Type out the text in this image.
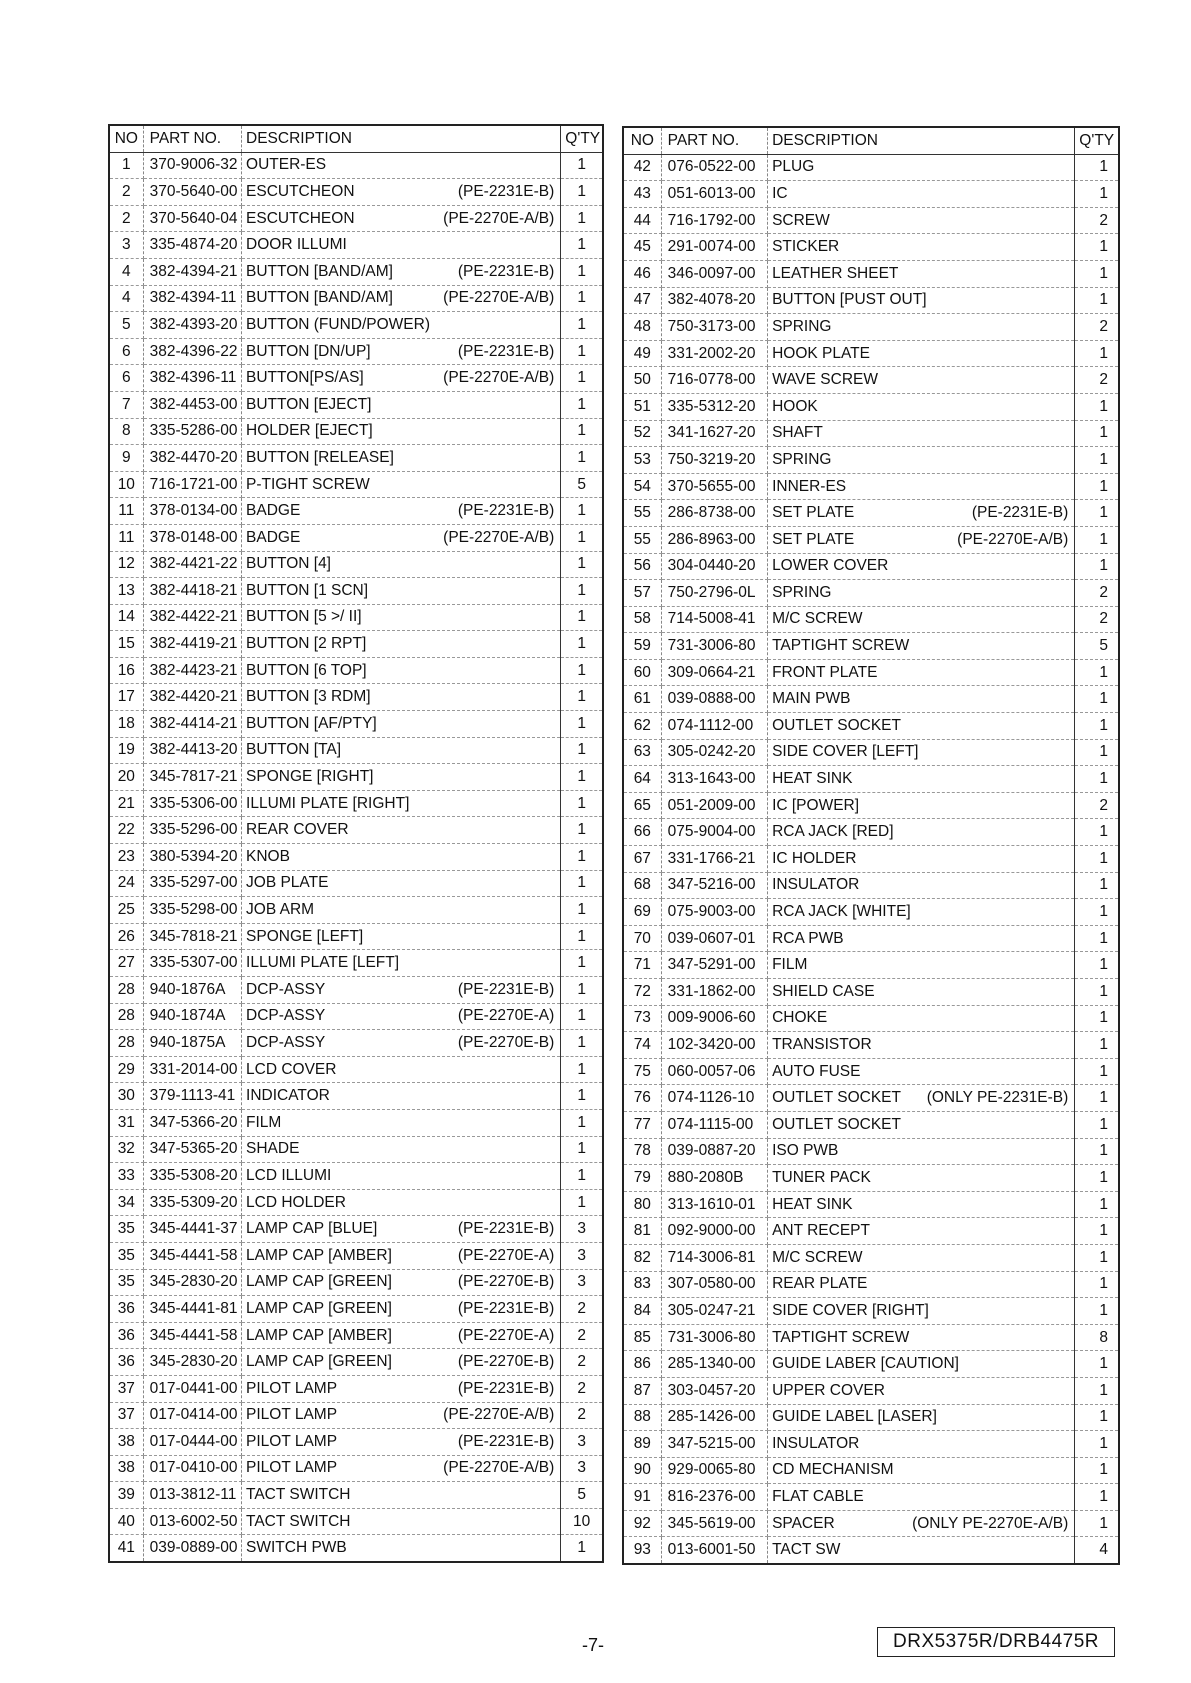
NO	PART NO.	DESCRIPTION	Q'TY
1	370-9006-32	OUTER-ES	1
2	370-5640-00	ESCUTCHEON (PE-2231E-B)	1
2	370-5640-04	ESCUTCHEON (PE-2270E-A/B)	1
3	335-4874-20	DOOR ILLUMI	1
4	382-4394-21	BUTTON [BAND/AM] (PE-2231E-B)	1
4	382-4394-11	BUTTON [BAND/AM] (PE-2270E-A/B)	1
5	382-4393-20	BUTTON (FUND/POWER)	1
6	382-4396-22	BUTTON [DN/UP] (PE-2231E-B)	1
6	382-4396-11	BUTTON[PS/AS] (PE-2270E-A/B)	1
7	382-4453-00	BUTTON [EJECT]	1
8	335-5286-00	HOLDER [EJECT]	1
9	382-4470-20	BUTTON [RELEASE]	1
10	716-1721-00	P-TIGHT SCREW	5
11	378-0134-00	BADGE (PE-2231E-B)	1
11	378-0148-00	BADGE (PE-2270E-A/B)	1
12	382-4421-22	BUTTON [4]	1
13	382-4418-21	BUTTON [1 SCN]	1
14	382-4422-21	BUTTON [5 >/ II]	1
15	382-4419-21	BUTTON [2 RPT]	1
16	382-4423-21	BUTTON [6 TOP]	1
17	382-4420-21	BUTTON [3 RDM]	1
18	382-4414-21	BUTTON [AF/PTY]	1
19	382-4413-20	BUTTON [TA]	1
20	345-7817-21	SPONGE [RIGHT]	1
21	335-5306-00	ILLUMI PLATE [RIGHT]	1
22	335-5296-00	REAR COVER	1
23	380-5394-20	KNOB	1
24	335-5297-00	JOB PLATE	1
25	335-5298-00	JOB ARM	1
26	345-7818-21	SPONGE [LEFT]	1
27	335-5307-00	ILLUMI PLATE [LEFT]	1
28	940-1876A	DCP-ASSY (PE-2231E-B)	1
28	940-1874A	DCP-ASSY (PE-2270E-A)	1
28	940-1875A	DCP-ASSY (PE-2270E-B)	1
29	331-2014-00	LCD COVER	1
30	379-1113-41	INDICATOR	1
31	347-5366-20	FILM	1
32	347-5365-20	SHADE	1
33	335-5308-20	LCD ILLUMI	1
34	335-5309-20	LCD HOLDER	1
35	345-4441-37	LAMP CAP [BLUE] (PE-2231E-B)	3
35	345-4441-58	LAMP CAP [AMBER] (PE-2270E-A)	3
35	345-2830-20	LAMP CAP [GREEN] (PE-2270E-B)	3
36	345-4441-81	LAMP CAP [GREEN] (PE-2231E-B)	2
36	345-4441-58	LAMP CAP [AMBER] (PE-2270E-A)	2
36	345-2830-20	LAMP CAP [GREEN] (PE-2270E-B)	2
37	017-0441-00	PILOT LAMP (PE-2231E-B)	2
37	017-0414-00	PILOT LAMP (PE-2270E-A/B)	2
38	017-0444-00	PILOT LAMP (PE-2231E-B)	3
38	017-0410-00	PILOT LAMP (PE-2270E-A/B)	3
39	013-3812-11	TACT SWITCH	5
40	013-6002-50	TACT SWITCH	10
41	039-0889-00	SWITCH PWB	1
NO	PART NO.	DESCRIPTION	Q'TY
42	076-0522-00	PLUG	1
43	051-6013-00	IC	1
44	716-1792-00	SCREW	2
45	291-0074-00	STICKER	1
46	346-0097-00	LEATHER SHEET	1
47	382-4078-20	BUTTON [PUST OUT]	1
48	750-3173-00	SPRING	2
49	331-2002-20	HOOK PLATE	1
50	716-0778-00	WAVE SCREW	2
51	335-5312-20	HOOK	1
52	341-1627-20	SHAFT	1
53	750-3219-20	SPRING	1
54	370-5655-00	INNER-ES	1
55	286-8738-00	SET PLATE (PE-2231E-B)	1
55	286-8963-00	SET PLATE (PE-2270E-A/B)	1
56	304-0440-20	LOWER COVER	1
57	750-2796-0L	SPRING	2
58	714-5008-41	M/C SCREW	2
59	731-3006-80	TAPTIGHT SCREW	5
60	309-0664-21	FRONT PLATE	1
61	039-0888-00	MAIN PWB	1
62	074-1112-00	OUTLET SOCKET	1
63	305-0242-20	SIDE COVER [LEFT]	1
64	313-1643-00	HEAT SINK	1
65	051-2009-00	IC [POWER]	2
66	075-9004-00	RCA JACK [RED]	1
67	331-1766-21	IC HOLDER	1
68	347-5216-00	INSULATOR	1
69	075-9003-00	RCA JACK [WHITE]	1
70	039-0607-01	RCA PWB	1
71	347-5291-00	FILM	1
72	331-1862-00	SHIELD CASE	1
73	009-9006-60	CHOKE	1
74	102-3420-00	TRANSISTOR	1
75	060-0057-06	AUTO FUSE	1
76	074-1126-10	OUTLET SOCKET (ONLY PE-2231E-B)	1
77	074-1115-00	OUTLET SOCKET	1
78	039-0887-20	ISO PWB	1
79	880-2080B	TUNER PACK	1
80	313-1610-01	HEAT SINK	1
81	092-9000-00	ANT RECEPT	1
82	714-3006-81	M/C SCREW	1
83	307-0580-00	REAR PLATE	1
84	305-0247-21	SIDE COVER [RIGHT]	1
85	731-3006-80	TAPTIGHT SCREW	8
86	285-1340-00	GUIDE LABER [CAUTION]	1
87	303-0457-20	UPPER COVER	1
88	285-1426-00	GUIDE LABEL [LASER]	1
89	347-5215-00	INSULATOR	1
90	929-0065-80	CD MECHANISM	1
91	816-2376-00	FLAT CABLE	1
92	345-5619-00	SPACER (ONLY PE-2270E-A/B)	1
93	013-6001-50	TACT SW	4
-7-	DRX5375R/DRB4475R
